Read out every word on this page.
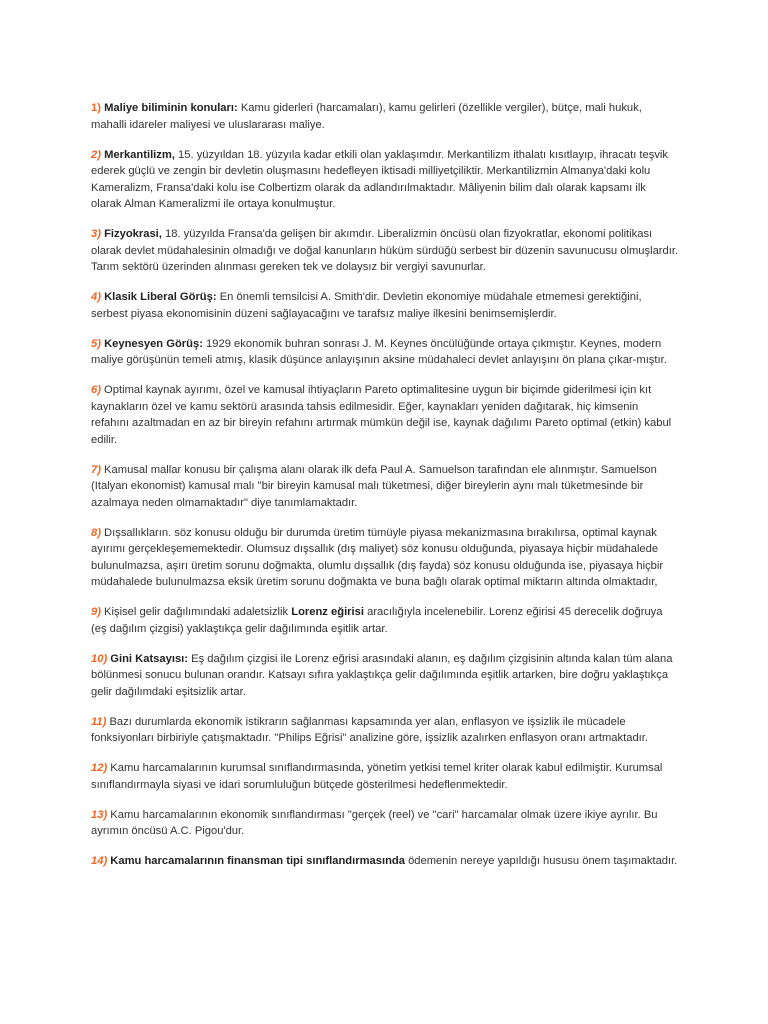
1) Maliye biliminin konuları: Kamu giderleri (harcamaları), kamu gelirleri (özellikle vergiler), bütçe, mali hukuk, mahalli idareler maliyesi ve uluslararası maliye.

2) Merkantilizm, 15. yüzyıldan 18. yüzyıla kadar etkili olan yaklaşımdır. Merkantilizm ithalatı kısıtlayıp, ihracatı teşvik ederek güçlü ve zengin bir devletin oluşmasını hedefleyen iktisadi milliyetçiliktir. Merkantilizmin Almanya'daki kolu Kameralizm, Fransa'daki kolu ise Colbertizm olarak da adlandırılmaktadır. Mâliyenin bilim dalı olarak kapsamı ilk olarak Alman Kameralizmi ile ortaya konulmuştur.

3) Fizyokrasi, 18. yüzyılda Fransa'da gelişen bir akımdır. Liberalizmin öncüsü olan fizyokratlar, ekonomi politikası olarak devlet müdahalesinin olmadığı ve doğal kanunların hüküm sürdüğü serbest bir düzenin savunucusu olmuşlardır. Tarım sektörü üzerinden alınması gereken tek ve dolaysız bir vergiyi savunurlar.

4) Klasik Liberal Görüş: En önemli temsilcisi A. Smith'dir. Devletin ekonomiye müdahale etmemesi gerektiğini, serbest piyasa ekonomisinin düzeni sağlayacağını ve tarafsız maliye ilkesini benimsemişlerdir.

5) Keynesyen Görüş: 1929 ekonomik buhran sonrası J. M. Keynes öncülüğünde ortaya çıkmıştır. Keynes, modern maliye görüşünün temeli atmış, klasik düşünce anlayışının aksine müdahaleci devlet anlayışını ön plana çıkar-mıştır.

6) Optimal kaynak ayırımı, özel ve kamusal ihtiyaçların Pareto optimalitesine uygun bir biçimde giderilmesi için kıt kaynakların özel ve kamu sektörü arasında tahsis edilmesidir. Eğer, kaynakları yeniden dağıtarak, hiç kimsenin refahını azaltmadan en az bir bireyin refahını artırmak mümkün değil ise, kaynak dağılımı Pareto optimal (etkin) kabul edilir.

7) Kamusal mallar konusu bir çalışma alanı olarak ilk defa Paul A. Samuelson tarafından ele alınmıştır. Samuelson (Italyan ekonomist) kamusal malı "bir bireyin kamusal malı tüketmesi, diğer bireylerin aynı malı tüketmesinde bir azalmaya neden olmamaktadır" diye tanımlamaktadır.

8) Dışsallıkların. söz konusu olduğu bir durumda üretim tümüyle piyasa mekanizmasına bırakılırsa, optimal kaynak ayırımı gerçekleşememektedir. Olumsuz dışsallık (dış maliyet) söz konusu olduğunda, piyasaya hiçbir müdahalede bulunulmazsa, aşırı üretim sorunu doğmakta, olumlu dışsallık (dış fayda) söz konusu olduğunda ise, piyasaya hiçbir müdahalede bulunulmazsa eksik üretim sorunu doğmakta ve buna bağlı olarak optimal miktarın altında olmaktadır,

9) Kişisel gelir dağılımındaki adaletsizlik Lorenz eğirisi aracılığıyla incelenebilir. Lorenz eğirisi 45 derecelik doğruya (eş dağılım çizgisi) yaklaştıkça gelir dağılımında eşitlik artar.

10) Gini Katsayısı: Eş dağılım çizgisi ile Lorenz eğrisi arasındaki alanın, eş dağılım çizgisinin altında kalan tüm alana bölünmesi sonucu bulunan orandır. Katsayı sıfıra yaklaştıkça gelir dağılımında eşitlik artarken, bire doğru yaklaştıkça gelir dağılımdaki eşitsizlik artar.

11) Bazı durumlarda ekonomik istikrarın sağlanması kapsamında yer alan, enflasyon ve işsizlik ile mücadele fonksiyonları birbiriyle çatışmaktadır. "Philips Eğrisi" analizine göre, işsizlik azalırken enflasyon oranı artmaktadır.

12) Kamu harcamalarının kurumsal sınıflandırmasında, yönetim yetkisi temel kriter olarak kabul edilmiştir. Kurumsal sınıflandırmayla siyasi ve idari sorumluluğun bütçede gösterilmesi hedeflenmektedir.

13) Kamu harcamalarının ekonomik sınıflandırması "gerçek (reel) ve "cari" harcamalar olmak üzere ikiye ayrılır. Bu ayrımın öncüsü A.C. Pigou'dur.

14) Kamu harcamalarının finansman tipi sınıflandırmasında ödemenin nereye yapıldığı hususu önem taşımaktadır.
